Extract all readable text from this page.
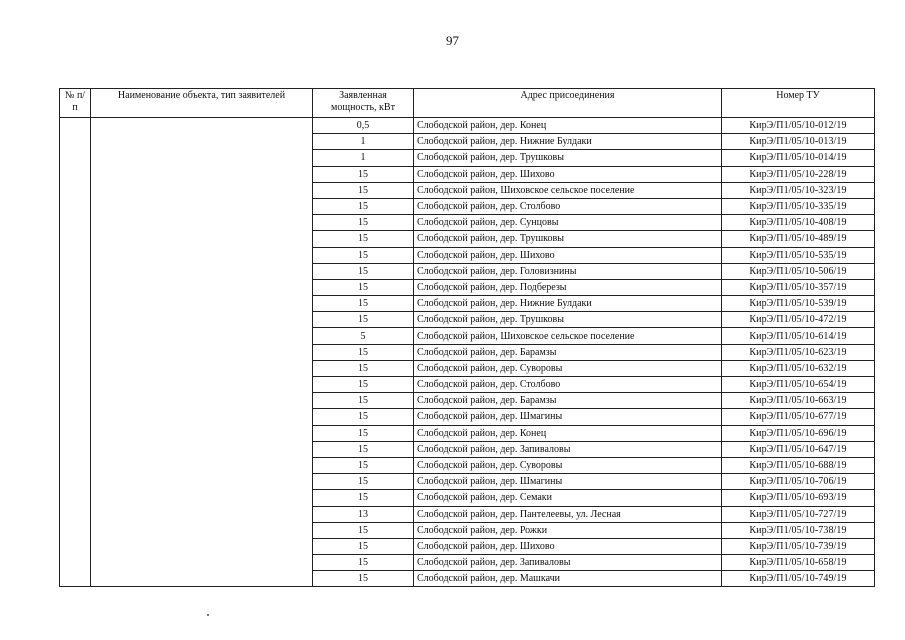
97
№ п/п	Наименование объекта, тип заявителей	Заявленная мощность, кВт	Адрес присоединения	Номер ТУ
		0,5	Слободской район, дер. Конец	КирЭ/П1/05/10-012/19
		1	Слободской район, дер. Нижние Булдаки	КирЭ/П1/05/10-013/19
		1	Слободской район, дер. Трушковы	КирЭ/П1/05/10-014/19
		15	Слободской район, дер. Шихово	КирЭ/П1/05/10-228/19
		15	Слободской район, Шиховское сельское поселение	КирЭ/П1/05/10-323/19
		15	Слободской район, дер. Столбово	КирЭ/П1/05/10-335/19
		15	Слободской район, дер. Сунцовы	КирЭ/П1/05/10-408/19
		15	Слободской район, дер. Трушковы	КирЭ/П1/05/10-489/19
		15	Слободской район, дер. Шихово	КирЭ/П1/05/10-535/19
		15	Слободской район, дер. Головизнины	КирЭ/П1/05/10-506/19
		15	Слободской район, дер. Подберезы	КирЭ/П1/05/10-357/19
		15	Слободской район, дер. Нижние Булдаки	КирЭ/П1/05/10-539/19
		15	Слободской район, дер. Трушковы	КирЭ/П1/05/10-472/19
		5	Слободской район, Шиховское сельское поселение	КирЭ/П1/05/10-614/19
		15	Слободской район, дер. Барамзы	КирЭ/П1/05/10-623/19
		15	Слободской район, дер. Суворовы	КирЭ/П1/05/10-632/19
		15	Слободской район, дер. Столбово	КирЭ/П1/05/10-654/19
		15	Слободской район, дер. Барамзы	КирЭ/П1/05/10-663/19
		15	Слободской район, дер. Шмагины	КирЭ/П1/05/10-677/19
		15	Слободской район, дер. Конец	КирЭ/П1/05/10-696/19
		15	Слободской район, дер. Запиваловы	КирЭ/П1/05/10-647/19
		15	Слободской район, дер. Суворовы	КирЭ/П1/05/10-688/19
		15	Слободской район, дер. Шмагины	КирЭ/П1/05/10-706/19
		15	Слободской район, дер. Семаки	КирЭ/П1/05/10-693/19
		13	Слободской район, дер. Пантелеевы, ул. Лесная	КирЭ/П1/05/10-727/19
		15	Слободской район, дер. Рожки	КирЭ/П1/05/10-738/19
		15	Слободской район, дер. Шихово	КирЭ/П1/05/10-739/19
		15	Слободской район, дер. Запиваловы	КирЭ/П1/05/10-658/19
		15	Слободской район, дер. Машкачи	КирЭ/П1/05/10-749/19
